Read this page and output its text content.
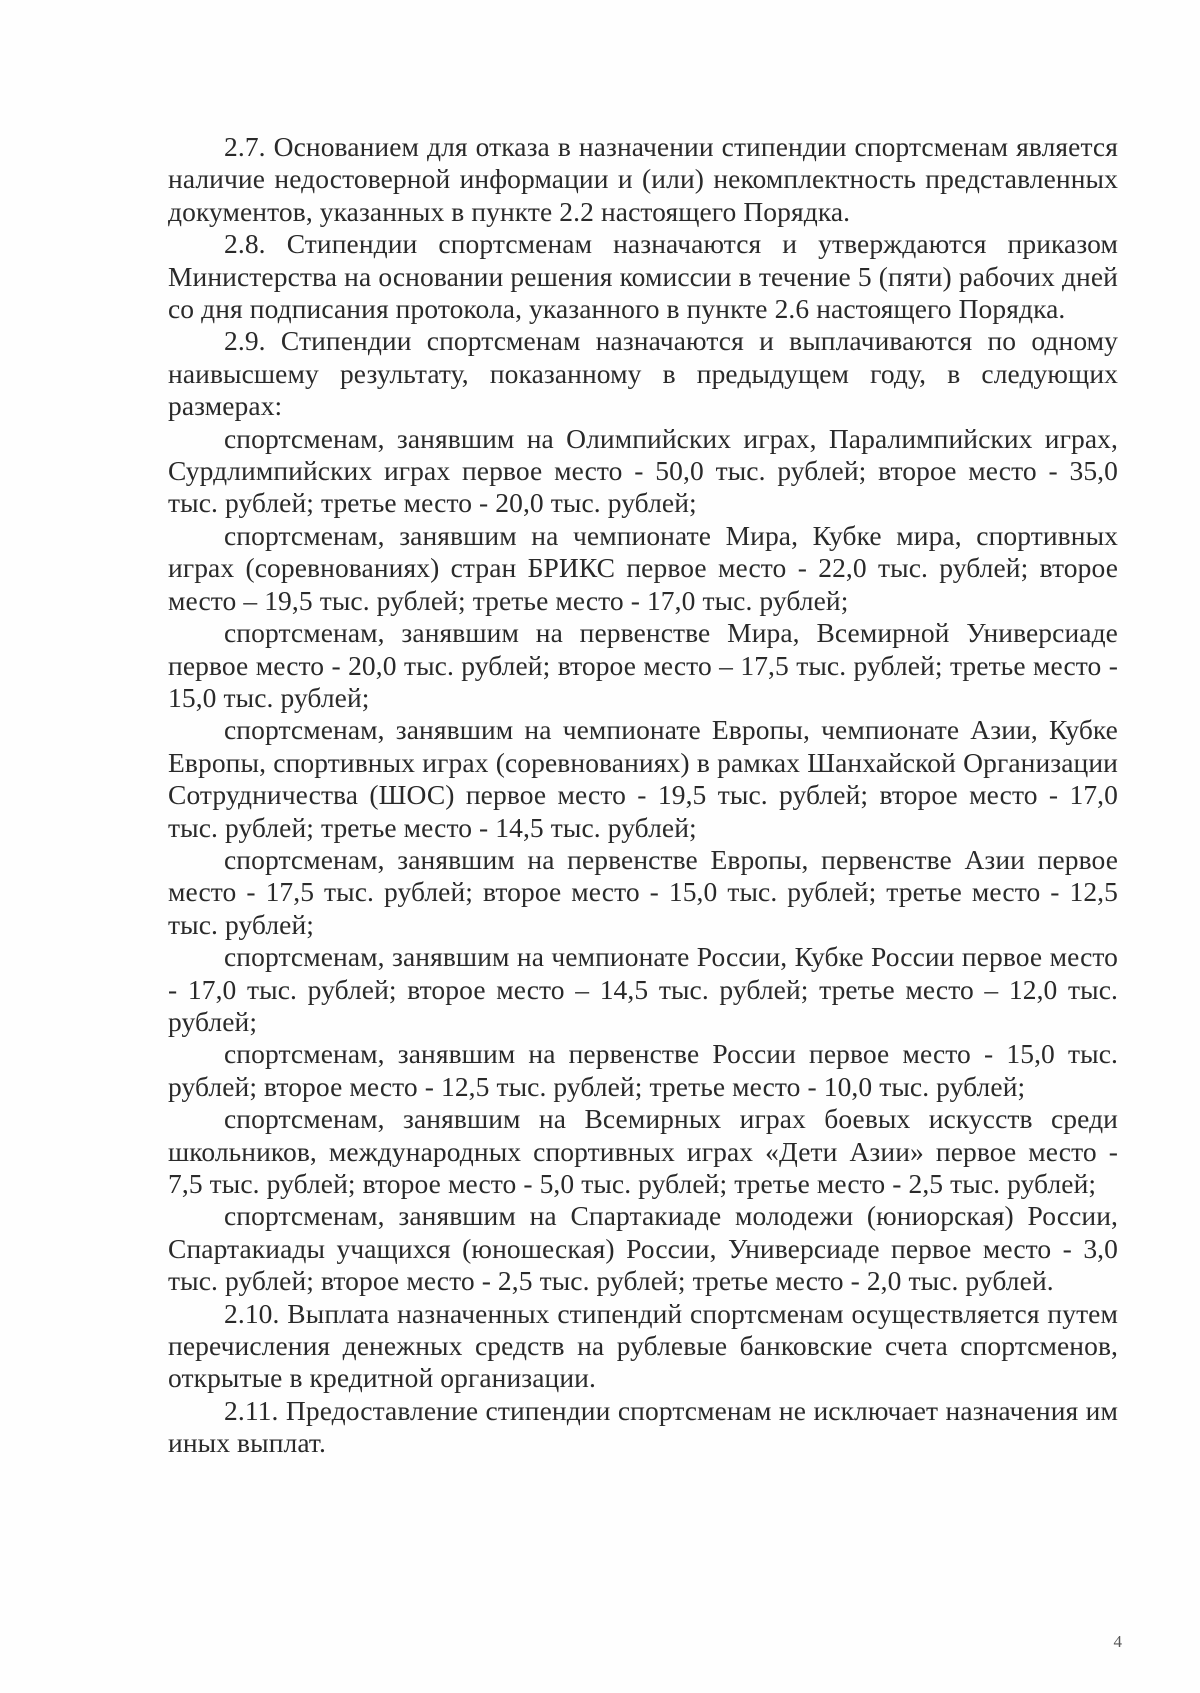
2.7. Основанием для отказа в назначении стипендии спортсменам является наличие недостоверной информации и (или) некомплектность представленных документов, указанных в пункте 2.2 настоящего Порядка.

2.8. Стипендии спортсменам назначаются и утверждаются приказом Министерства на основании решения комиссии в течение 5 (пяти) рабочих дней со дня подписания протокола, указанного в пункте 2.6 настоящего Порядка.

2.9. Стипендии спортсменам назначаются и выплачиваются по одному наивысшему результату, показанному в предыдущем году, в следующих размерах:

спортсменам, занявшим на Олимпийских играх, Паралимпийских играх, Сурдлимпийских играх первое место - 50,0 тыс. рублей; второе место - 35,0 тыс. рублей; третье место - 20,0 тыс. рублей;

спортсменам, занявшим на чемпионате Мира, Кубке мира, спортивных играх (соревнованиях) стран БРИКС первое место - 22,0 тыс. рублей; второе место – 19,5 тыс. рублей; третье место - 17,0 тыс. рублей;

спортсменам, занявшим на первенстве Мира, Всемирной Универсиаде первое место - 20,0 тыс. рублей; второе место – 17,5 тыс. рублей; третье место - 15,0 тыс. рублей;

спортсменам, занявшим на чемпионате Европы, чемпионате Азии, Кубке Европы, спортивных играх (соревнованиях) в рамках Шанхайской Организации Сотрудничества (ШОС) первое место - 19,5 тыс. рублей; второе место - 17,0 тыс. рублей; третье место - 14,5 тыс. рублей;

спортсменам, занявшим на первенстве Европы, первенстве Азии первое место - 17,5 тыс. рублей; второе место - 15,0 тыс. рублей; третье место - 12,5 тыс. рублей;

спортсменам, занявшим на чемпионате России, Кубке России первое место - 17,0 тыс. рублей; второе место – 14,5 тыс. рублей; третье место – 12,0 тыс. рублей;

спортсменам, занявшим на первенстве России первое место - 15,0 тыс. рублей; второе место - 12,5 тыс. рублей; третье место - 10,0 тыс. рублей;

спортсменам, занявшим на Всемирных играх боевых искусств среди школьников, международных спортивных играх «Дети Азии» первое место - 7,5 тыс. рублей; второе место - 5,0 тыс. рублей; третье место - 2,5 тыс. рублей;

спортсменам, занявшим на Спартакиаде молодежи (юниорская) России, Спартакиады учащихся (юношеская) России, Универсиаде первое место - 3,0 тыс. рублей; второе место - 2,5 тыс. рублей; третье место - 2,0 тыс. рублей.

2.10. Выплата назначенных стипендий спортсменам осуществляется путем перечисления денежных средств на рублевые банковские счета спортсменов, открытые в кредитной организации.

2.11. Предоставление стипендии спортсменам не исключает назначения им иных выплат.

4
